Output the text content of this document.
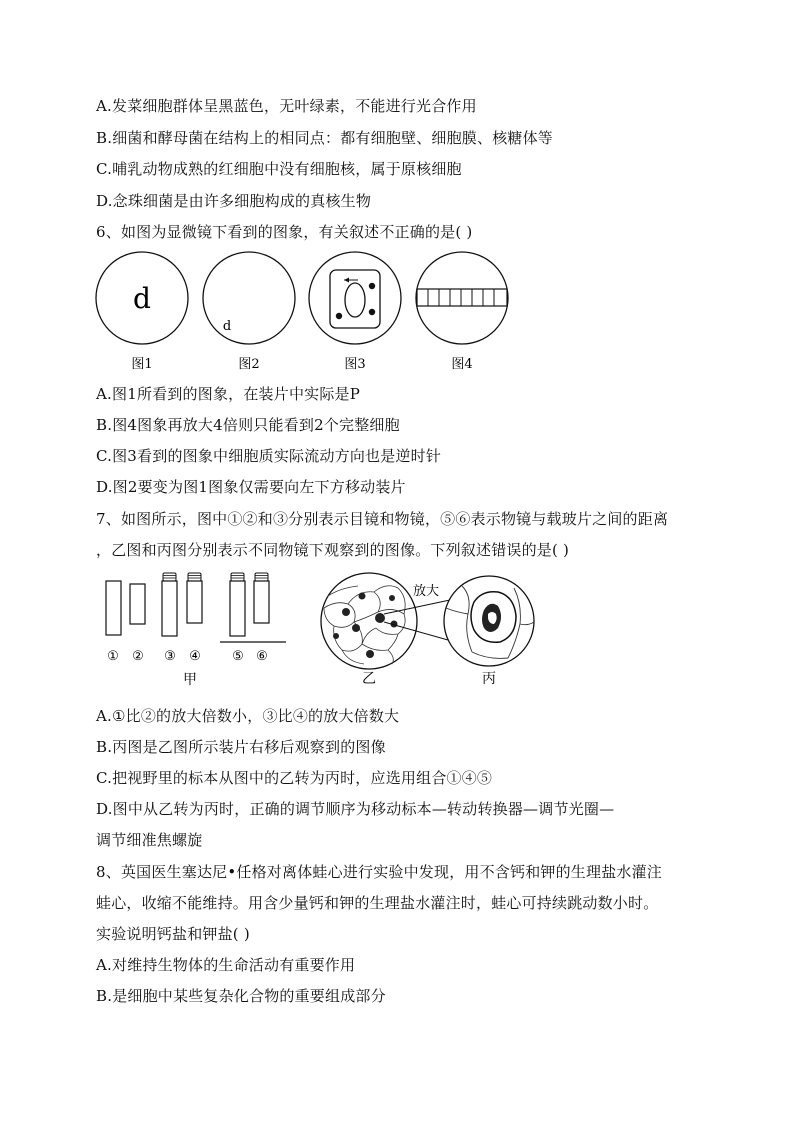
A.发菜细胞群体呈黑蓝色，无叶绿素，不能进行光合作用
B.细菌和酵母菌在结构上的相同点：都有细胞壁、细胞膜、核糖体等
C.哺乳动物成熟的红细胞中没有细胞核，属于原核细胞
D.念珠细菌是由许多细胞构成的真核生物
6、如图为显微镜下看到的图象，有关叙述不正确的是( )
d
d
图1	图2	图3	图4
A.图1所看到的图象，在装片中实际是P
B.图4图象再放大4倍则只能看到2个完整细胞
C.图3看到的图象中细胞质实际流动方向也是逆时针
D.图2要变为图1图象仅需要向左下方移动装片
7、如图所示，图中①②和③分别表示目镜和物镜，⑤⑥表示物镜与载玻片之间的距离
，乙图和丙图分别表示不同物镜下观察到的图像。下列叙述错误的是( )
① ② ③ ④ ⑤ ⑥
甲	乙
放大
丙
A.①比②的放大倍数小，③比④的放大倍数大
B.丙图是乙图所示装片右移后观察到的图像
C.把视野里的标本从图中的乙转为丙时，应选用组合①④⑤
D.图中从乙转为丙时，正确的调节顺序为移动标本—转动转换器—调节光圈—
调节细准焦螺旋
8、英国医生塞达尼•任格对离体蛙心进行实验中发现，用不含钙和钾的生理盐水灌注
蛙心，收缩不能维持。用含少量钙和钾的生理盐水灌注时，蛙心可持续跳动数小时。
实验说明钙盐和钾盐( )
A.对维持生物体的生命活动有重要作用
B.是细胞中某些复杂化合物的重要组成部分
